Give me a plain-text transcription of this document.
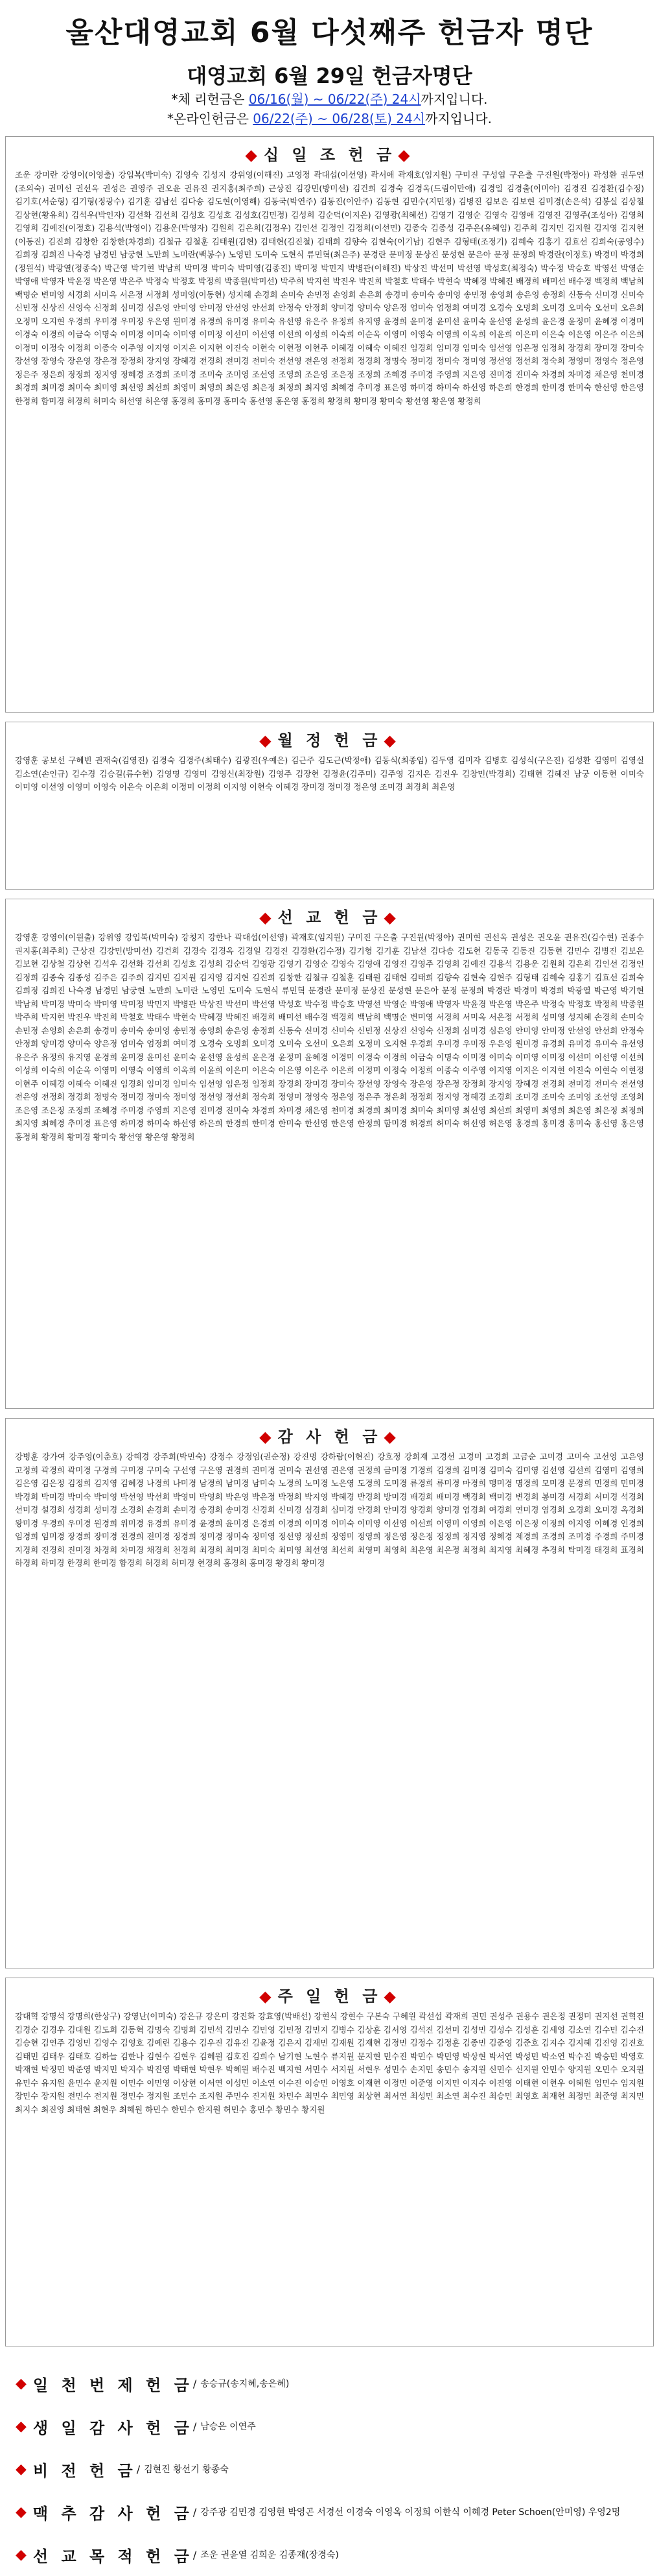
울산대영교회 6월 다섯째주 헌금자 명단
대영교회 6월 29일 헌금자명단
*체 리헌금은 06/16(월) ~ 06/22(주) 24시까지입니다.
*온라인헌금은 06/22(주) ~ 06/28(토) 24시까지입니다.
◆ 십 일 조 헌 금 ◆
조운 강미란 강영이(이영출) 강입복(박미숙) 김영숙 김성지 강위영(이해진) 고영정 곽대섭(이선영) 곽서애 곽재호(임지원) 구미진 구성엽 구은출 구진원(박정아) 곽성환 권두연(조의숙) 권미선 권선옥 권성은 권영주 권오윤 권유진 권지홍(최주희) 근상진 김강민(방미선) 김건희 김경숙 김경옥(드림이만애) 김경일 김경출(이미아) 김경진 김경환(김수정) 김기호(서순형) 김기형(정광수) 김기훈 김남선 김다송 김도현(이영해) 김동국(박연주) 김동진(이안주) 김동현 김민수(지민정) 김병진 김보은 김보현 김미경(손은석) 김봉실 김상철 김상현(황유희) 김석우(박인자) 김선화 김선희 김성호 김성호 김성호(김민정) 김성희 김순덕(이지은) 김영광(최혜선) 김영기 김영순 김영숙 김영애 김영진 김영주(조성아) 김영희 김영희 김예진(이정호) 김용석(박영이) 김용운(박영자) 김원희 김은희(김정우) 김인선 김정인 김정희(이선민) 김종숙 김종성 김주은(유혜임) 김주희 김지민 김지원 김지영 김지현(이동진) 김진희 김창한 김창한(차경희) 김철규 김철훈 김태원(김현) 김태현(김진철) 김태희 김향숙 김현숙(이기남) 김현주 김형태(조정기) 김혜숙 김홍기 김효선 김희숙(공영수) 김희정 김희진 나숙경 남경민 남궁현 노만희 노미란(백봉수) 노영민 도미숙 도현식 류민혁(최은주) 문경란 문미정 문상진 문성현 문은아 문정 문정희 박경란(이정호) 박경미 박경희(정원석) 박광열(정종숙) 박근영 박기현 박남희 박미경 박미숙 박미영(김종진) 박미정 박민지 박병관(이해진) 박상진 박선미 박선영 박성호(최정숙) 박수정 박승호 박영선 박영순 박영애 박영자 박윤경 박은영 박은주 박정숙 박정호 박정희 박종원(박미선) 박주희 박지현 박진우 박진희 박철호 박태수 박현숙 박혜경 박혜진 배경희 배미선 배수경 백경희 백남희 백명순 변미영 서경희 서미옥 서은정 서정희 성미영(이동현) 성지혜 손경희 손미숙 손민정 손영희 손은희 송경미 송미숙 송미영 송민정 송영희 송은영 송정희 신동숙 신미경 신미숙 신민정 신상진 신영숙 신정희 심미경 심은영 안미영 안미정 안선영 안선희 안정숙 안정희 양미경 양미숙 양은정 엄미숙 엄정희 여미경 오경숙 오명희 오미경 오미숙 오선미 오은희 오정미 오지현 우경희 우미경 우미정 우은영 원미경 유경희 유미경 유미숙 유선영 유은주 유정희 유지영 윤경희 윤미경 윤미선 윤미숙 윤선영 윤성희 윤은경 윤정미 윤혜경 이경미 이경숙 이경희 이금숙 이명숙 이미경 이미숙 이미영 이미정 이선미 이선영 이선희 이성희 이숙희 이순옥 이영미 이영숙 이영희 이옥희 이윤희 이은미 이은숙 이은영 이은주 이은희 이정미 이정숙 이정희 이종숙 이주영 이지영 이지은 이지현 이진숙 이현숙 이현정 이현주 이혜경 이혜숙 이혜진 임경희 임미경 임미숙 임선영 임은정 임정희 장경희 장미경 장미숙 장선영 장영숙 장은영 장은정 장정희 장지영 장혜경 전경희 전미경 전미숙 전선영 전은영 전정희 정경희 정명숙 정미경 정미숙 정미영 정선영 정선희 정숙희 정영미 정영숙 정은영 정은주 정은희 정정희 정지영 정혜경 조경희 조미경 조미숙 조미영 조선영 조영희 조은영 조은정 조정희 조혜경 주미경 주영희 지은영 진미경 진미숙 차경희 차미경 채은영 천미경 최경희 최미경 최미숙 최미영 최선영 최선희 최영미 최영희 최은영 최은정 최정희 최지영 최혜경 추미경 표은영 하미경 하미숙 하선영 하은희 한경희 한미경 한미숙 한선영 한은영 한정희 함미경 허경희 허미숙 허선영 허은영 홍경희 홍미경 홍미숙 홍선영 홍은영 홍정희 황경희 황미경 황미숙 황선영 황은영 황정희
◆ 월 정 헌 금 ◆
강영훈 공보선 구혜빈 권재숙(김영진) 김경숙 김경주(최태수) 김광진(우예은) 김근주 김도근(박정애) 김동식(최종임) 김두영 김미자 김병호 김성식(구은진) 김성환 김영미 김영실 김소연(손인규) 김수경 김승길(류수현) 김영명 김영미 김영신(최장원) 김영주 김장현 김정윤(김주미) 김주영 김지은 김진우 김창민(박경희) 김태현 김혜진 남궁 이동현 이미숙 이미영 이선영 이영미 이영숙 이은숙 이은희 이정미 이정희 이지영 이현숙 이혜경 장미경 정미경 정은영 조미경 최경희 최은영
◆ 선 교 헌 금 ◆
강영훈 강영이(이원출) 강위영 강입복(박미숙) 강청지 강한나 곽대섭(이선영) 곽재호(임지원) 구미진 구은출 구진원(박정아) 권미현 권선옥 권성은 권오윤 권유진(김수현) 권종수 권지홍(최주희) 근상진 김강민(방미선) 김건희 김경숙 김경옥 김경일 김경진 김경환(김수정) 김기형 김기훈 김남선 김다송 김도현 김동국 김동진 김동현 김민수 김병진 김보은 김보현 김상철 김상현 김석우 김선화 김선희 김성호 김성희 김순덕 김영광 김영기 김영순 김영숙 김영애 김영진 김영주 김영희 김예진 김용석 김용운 김원희 김은희 김인선 김정인 김정희 김종숙 김종성 김주은 김주희 김지민 김지원 김지영 김지현 김진희 김창한 김철규 김철훈 김태원 김태현 김태희 김향숙 김현숙 김현주 김형태 김혜숙 김홍기 김효선 김희숙 김희정 김희진 나숙경 남경민 남궁현 노만희 노미란 노영민 도미숙 도현식 류민혁 문경란 문미정 문상진 문성현 문은아 문정 문정희 박경란 박경미 박경희 박광열 박근영 박기현 박남희 박미경 박미숙 박미영 박미정 박민지 박병관 박상진 박선미 박선영 박성호 박수정 박승호 박영선 박영순 박영애 박영자 박윤경 박은영 박은주 박정숙 박정호 박정희 박종원 박주희 박지현 박진우 박진희 박철호 박태수 박현숙 박혜경 박혜진 배경희 배미선 배수경 백경희 백남희 백명순 변미영 서경희 서미옥 서은정 서정희 성미영 성지혜 손경희 손미숙 손민정 손영희 손은희 송경미 송미숙 송미영 송민정 송영희 송은영 송정희 신동숙 신미경 신미숙 신민정 신상진 신영숙 신정희 심미경 심은영 안미영 안미정 안선영 안선희 안정숙 안정희 양미경 양미숙 양은정 엄미숙 엄정희 여미경 오경숙 오명희 오미경 오미숙 오선미 오은희 오정미 오지현 우경희 우미경 우미정 우은영 원미경 유경희 유미경 유미숙 유선영 유은주 유정희 유지영 윤경희 윤미경 윤미선 윤미숙 윤선영 윤성희 윤은경 윤정미 윤혜경 이경미 이경숙 이경희 이금숙 이명숙 이미경 이미숙 이미영 이미정 이선미 이선영 이선희 이성희 이숙희 이순옥 이영미 이영숙 이영희 이옥희 이윤희 이은미 이은숙 이은영 이은주 이은희 이정미 이정숙 이정희 이종숙 이주영 이지영 이지은 이지현 이진숙 이현숙 이현정 이현주 이혜경 이혜숙 이혜진 임경희 임미경 임미숙 임선영 임은정 임정희 장경희 장미경 장미숙 장선영 장영숙 장은영 장은정 장정희 장지영 장혜경 전경희 전미경 전미숙 전선영 전은영 전정희 정경희 정명숙 정미경 정미숙 정미영 정선영 정선희 정숙희 정영미 정영숙 정은영 정은주 정은희 정정희 정지영 정혜경 조경희 조미경 조미숙 조미영 조선영 조영희 조은영 조은정 조정희 조혜경 주미경 주영희 지은영 진미경 진미숙 차경희 차미경 채은영 천미경 최경희 최미경 최미숙 최미영 최선영 최선희 최영미 최영희 최은영 최은정 최정희 최지영 최혜경 추미경 표은영 하미경 하미숙 하선영 하은희 한경희 한미경 한미숙 한선영 한은영 한정희 함미경 허경희 허미숙 허선영 허은영 홍경희 홍미경 홍미숙 홍선영 홍은영 홍정희 황경희 황미경 황미숙 황선영 황은영 황정희
◆ 감 사 헌 금 ◆
강병훈 강가여 강주영(이춘호) 강혜경 강주희(박민숙) 강정수 강정임(권순정) 강진명 강하람(이현진) 강호정 강희재 고경선 고경미 고경희 고금순 고미경 고미숙 고선영 고은영 고정희 곽경희 곽미경 구경희 구미경 구미숙 구선영 구은영 권경희 권미경 권미숙 권선영 권은영 권정희 금미경 기경희 김경희 김미경 김미숙 김미영 김선영 김선희 김영미 김영희 김은영 김은정 김정희 김지영 김혜경 나경희 나미경 남경희 남미경 남미숙 노경희 노미경 노은영 도경희 도미경 류경희 류미경 마경희 맹미경 명경희 모미경 문경희 민경희 민미경 박경희 박미경 박미숙 박미영 박선영 박선희 박영미 박영희 박은영 박은정 박정희 박지영 박혜경 반경희 방미경 배경희 배미경 백경희 백미경 변경희 봉미경 서경희 서미경 석경희 선미경 설경희 성경희 성미경 소경희 손경희 손미경 송경희 송미경 신경희 신미경 심경희 심미경 안경희 안미경 양경희 양미경 엄경희 여경희 연미경 염경희 오경희 오미경 옥경희 왕미경 우경희 우미경 원경희 위미경 유경희 유미경 윤경희 윤미경 은경희 이경희 이미경 이미숙 이미영 이선영 이선희 이영미 이영희 이은영 이은정 이정희 이지영 이혜경 인경희 임경희 임미경 장경희 장미경 전경희 전미경 정경희 정미경 정미숙 정미영 정선영 정선희 정영미 정영희 정은영 정은정 정정희 정지영 정혜경 제경희 조경희 조미경 주경희 주미경 지경희 진경희 진미경 차경희 차미경 채경희 천경희 최경희 최미경 최미숙 최미영 최선영 최선희 최영미 최영희 최은영 최은정 최정희 최지영 최혜경 추경희 탁미경 태경희 표경희 하경희 하미경 한경희 한미경 함경희 허경희 허미경 현경희 홍경희 홍미경 황경희 황미경
◆ 주 일 헌 금 ◆
강대혁 강명석 강명희(한상구) 강영난(이미숙) 강은규 강은미 강진화 강효영(박배선) 강현식 강현수 구본숙 구혜원 곽선섭 곽재희 권민 권성주 권용수 권은정 권정미 권지선 권혁진 김경순 김경우 김대원 김도희 김동혁 김명숙 김명희 김민석 김민수 김민영 김민정 김민지 김병수 김상훈 김서영 김석진 김선미 김성민 김성수 김성훈 김세영 김소연 김수민 김수진 김승현 김연주 김영민 김영수 김영호 김예린 김용수 김우진 김유진 김윤정 김은지 김재민 김재원 김재현 김정민 김정수 김정훈 김종민 김준영 김준호 김지수 김지혜 김진영 김진호 김태민 김태우 김태호 김하늘 김한나 김현수 김현우 김혜원 김호진 김희수 남기현 노현수 류지원 문지현 민수진 박민수 박민영 박상현 박서연 박성민 박소연 박수진 박승민 박영호 박재현 박정민 박준영 박지민 박지수 박진영 박태현 박현우 박혜원 배수진 백지현 서민수 서지원 서현우 성민수 손지민 송민수 송지원 신민수 신지원 안민수 양지원 오민수 오지원 유민수 유지원 윤민수 윤지원 이민수 이민영 이상현 이서연 이성민 이소연 이수진 이승민 이영호 이재현 이정민 이준영 이지민 이지수 이진영 이태현 이현우 이혜원 임민수 임지원 장민수 장지원 전민수 전지원 정민수 정지원 조민수 조지원 주민수 진지원 차민수 최민수 최민영 최상현 최서연 최성민 최소연 최수진 최승민 최영호 최재현 최정민 최준영 최지민 최지수 최진영 최태현 최현우 최혜원 하민수 한민수 한지원 허민수 홍민수 황민수 황지원
◆ 일 천 번 제 헌 금 / 송승규(송지혜,송은혜)
◆ 생 일 감 사 헌 금 / 남승은 이연주
◆ 비 전 헌 금 / 김현진 황선기 황종숙
◆ 맥 추 감 사 헌 금 / 강주광 김민경 김영현 박영곤 서경선 이경숙 이영옥 이정희 이한식 이혜경 Peter Schoen(안미영) 우영2명
◆ 선 교 목 적 헌 금 / 조운 권윤열 김희운 김종재(장경숙)
